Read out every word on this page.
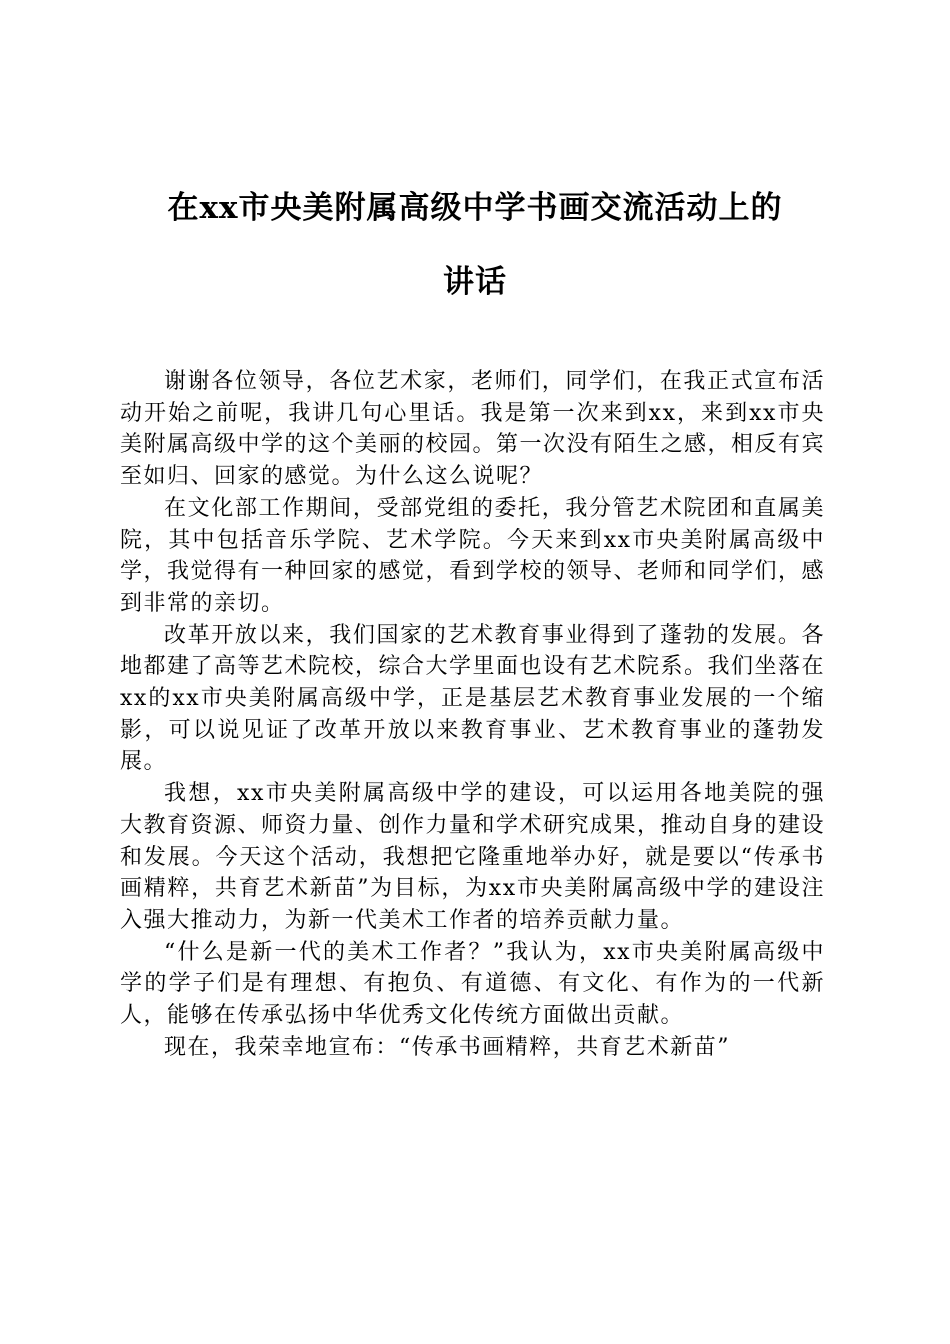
在xx市央美附属高级中学书画交流活动上的
讲话

谢谢各位领导，各位艺术家，老师们，同学们，在我正式宣布活动开始之前呢，我讲几句心里话。我是第一次来到xx，来到xx市央美附属高级中学的这个美丽的校园。第一次没有陌生之感，相反有宾至如归、回家的感觉。为什么这么说呢？

在文化部工作期间，受部党组的委托，我分管艺术院团和直属美院，其中包括音乐学院、艺术学院。今天来到xx市央美附属高级中学，我觉得有一种回家的感觉，看到学校的领导、老师和同学们，感到非常的亲切。

改革开放以来，我们国家的艺术教育事业得到了蓬勃的发展。各地都建了高等艺术院校，综合大学里面也设有艺术院系。我们坐落在xx的xx市央美附属高级中学，正是基层艺术教育事业发展的一个缩影，可以说见证了改革开放以来教育事业、艺术教育事业的蓬勃发展。

我想，xx市央美附属高级中学的建设，可以运用各地美院的强大教育资源、师资力量、创作力量和学术研究成果，推动自身的建设和发展。今天这个活动，我想把它隆重地举办好，就是要以“传承书画精粹，共育艺术新苗”为目标，为xx市央美附属高级中学的建设注入强大推动力，为新一代美术工作者的培养贡献力量。

“什么是新一代的美术工作者？”我认为，xx市央美附属高级中学的学子们是有理想、有抱负、有道德、有文化、有作为的一代新人，能够在传承弘扬中华优秀文化传统方面做出贡献。

现在，我荣幸地宣布：“传承书画精粹，共育艺术新苗”
